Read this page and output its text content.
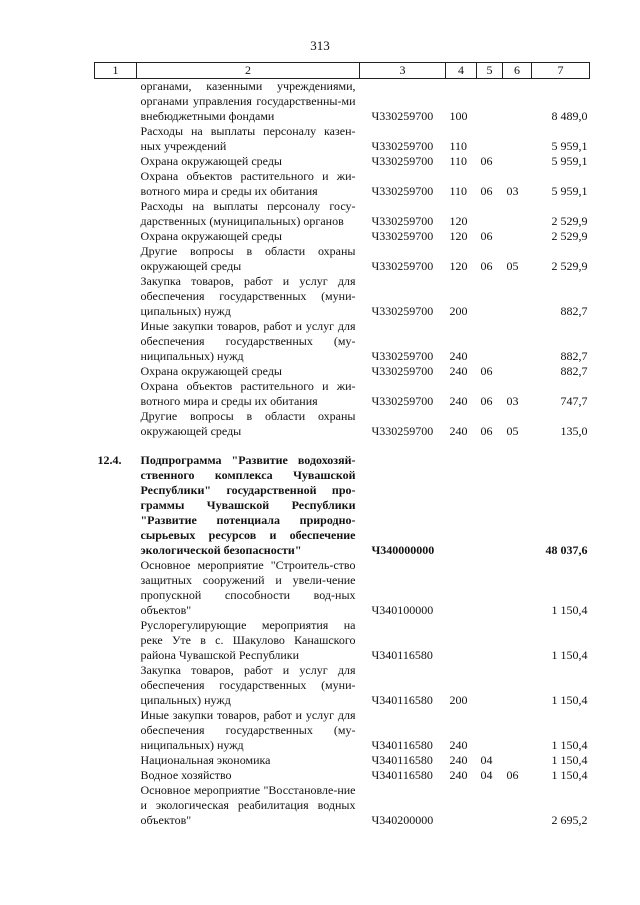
313
1	2	3	4	5	6	7
	органами, казенными учреждениями, органами управления государственны-ми внебюджетными фондами	Ч330259700	100			8 489,0
	Расходы на выплаты персоналу казен-ных учреждений	Ч330259700	110			5 959,1
	Охрана окружающей среды	Ч330259700	110	06		5 959,1
	Охрана объектов растительного и жи-вотного мира и среды их обитания	Ч330259700	110	06	03	5 959,1
	Расходы на выплаты персоналу госу-дарственных (муниципальных) органов	Ч330259700	120			2 529,9
	Охрана окружающей среды	Ч330259700	120	06		2 529,9
	Другие вопросы в области охраны окружающей среды	Ч330259700	120	06	05	2 529,9
	Закупка товаров, работ и услуг для обеспечения государственных (муни-ципальных) нужд	Ч330259700	200			882,7
	Иные закупки товаров, работ и услуг для обеспечения государственных (му-ниципальных) нужд	Ч330259700	240			882,7
	Охрана окружающей среды	Ч330259700	240	06		882,7
	Охрана объектов растительного и жи-вотного мира и среды их обитания	Ч330259700	240	06	03	747,7
	Другие вопросы в области охраны окружающей среды	Ч330259700	240	06	05	135,0

12.4.	Подпрограмма "Развитие водохозяй-ственного комплекса Чувашской Республики" государственной про-граммы Чувашской Республики "Развитие потенциала природно-сырьевых ресурсов и обеспечение экологической безопасности"	Ч340000000				48 037,6
	Основное мероприятие "Строитель-ство защитных сооружений и увели-чение пропускной способности вод-ных объектов"	Ч340100000				1 150,4
	Руслорегулирующие мероприятия на реке Уте в с. Шакулово Канашского района Чувашской Республики	Ч340116580				1 150,4
	Закупка товаров, работ и услуг для обеспечения государственных (муни-ципальных) нужд	Ч340116580	200			1 150,4
	Иные закупки товаров, работ и услуг для обеспечения государственных (му-ниципальных) нужд	Ч340116580	240			1 150,4
	Национальная экономика	Ч340116580	240	04		1 150,4
	Водное хозяйство	Ч340116580	240	04	06	1 150,4
	Основное мероприятие "Восстановле-ние и экологическая реабилитация водных объектов"	Ч340200000				2 695,2
